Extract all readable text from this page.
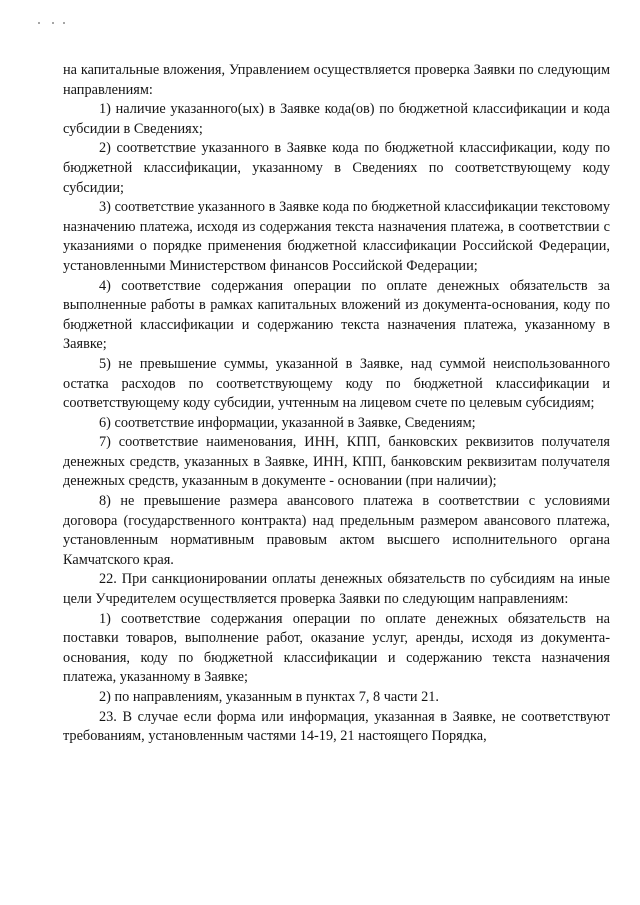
на капитальные вложения, Управлением осуществляется проверка Заявки по следующим направлениям:

1) наличие указанного(ых) в Заявке кода(ов) по бюджетной классификации и кода субсидии в Сведениях;

2) соответствие указанного в Заявке кода по бюджетной классификации, коду по бюджетной классификации, указанному в Сведениях по соответствующему коду субсидии;

3) соответствие указанного в Заявке кода по бюджетной классификации текстовому назначению платежа, исходя из содержания текста назначения платежа, в соответствии с указаниями о порядке применения бюджетной классификации Российской Федерации, установленными Министерством финансов Российской Федерации;

4) соответствие содержания операции по оплате денежных обязательств за выполненные работы в рамках капитальных вложений из документа-основания, коду по бюджетной классификации и содержанию текста назначения платежа, указанному в Заявке;

5) не превышение суммы, указанной в Заявке, над суммой неиспользованного остатка расходов по соответствующему коду по бюджетной классификации и соответствующему коду субсидии, учтенным на лицевом счете по целевым субсидиям;

6) соответствие информации, указанной в Заявке, Сведениям;

7) соответствие наименования, ИНН, КПП, банковских реквизитов получателя денежных средств, указанных в Заявке, ИНН, КПП, банковским реквизитам получателя денежных средств, указанным в документе - основании (при наличии);

8) не превышение размера авансового платежа в соответствии с условиями договора (государственного контракта) над предельным размером авансового платежа, установленным нормативным правовым актом высшего исполнительного органа Камчатского края.

22. При санкционировании оплаты денежных обязательств по субсидиям на иные цели Учредителем осуществляется проверка Заявки по следующим направлениям:

1) соответствие содержания операции по оплате денежных обязательств на поставки товаров, выполнение работ, оказание услуг, аренды, исходя из документа-основания, коду по бюджетной классификации и содержанию текста назначения платежа, указанному в Заявке;

2) по направлениям, указанным в пунктах 7, 8 части 21.

23. В случае если форма или информация, указанная в Заявке, не соответствуют требованиям, установленным частями 14-19, 21 настоящего Порядка,
